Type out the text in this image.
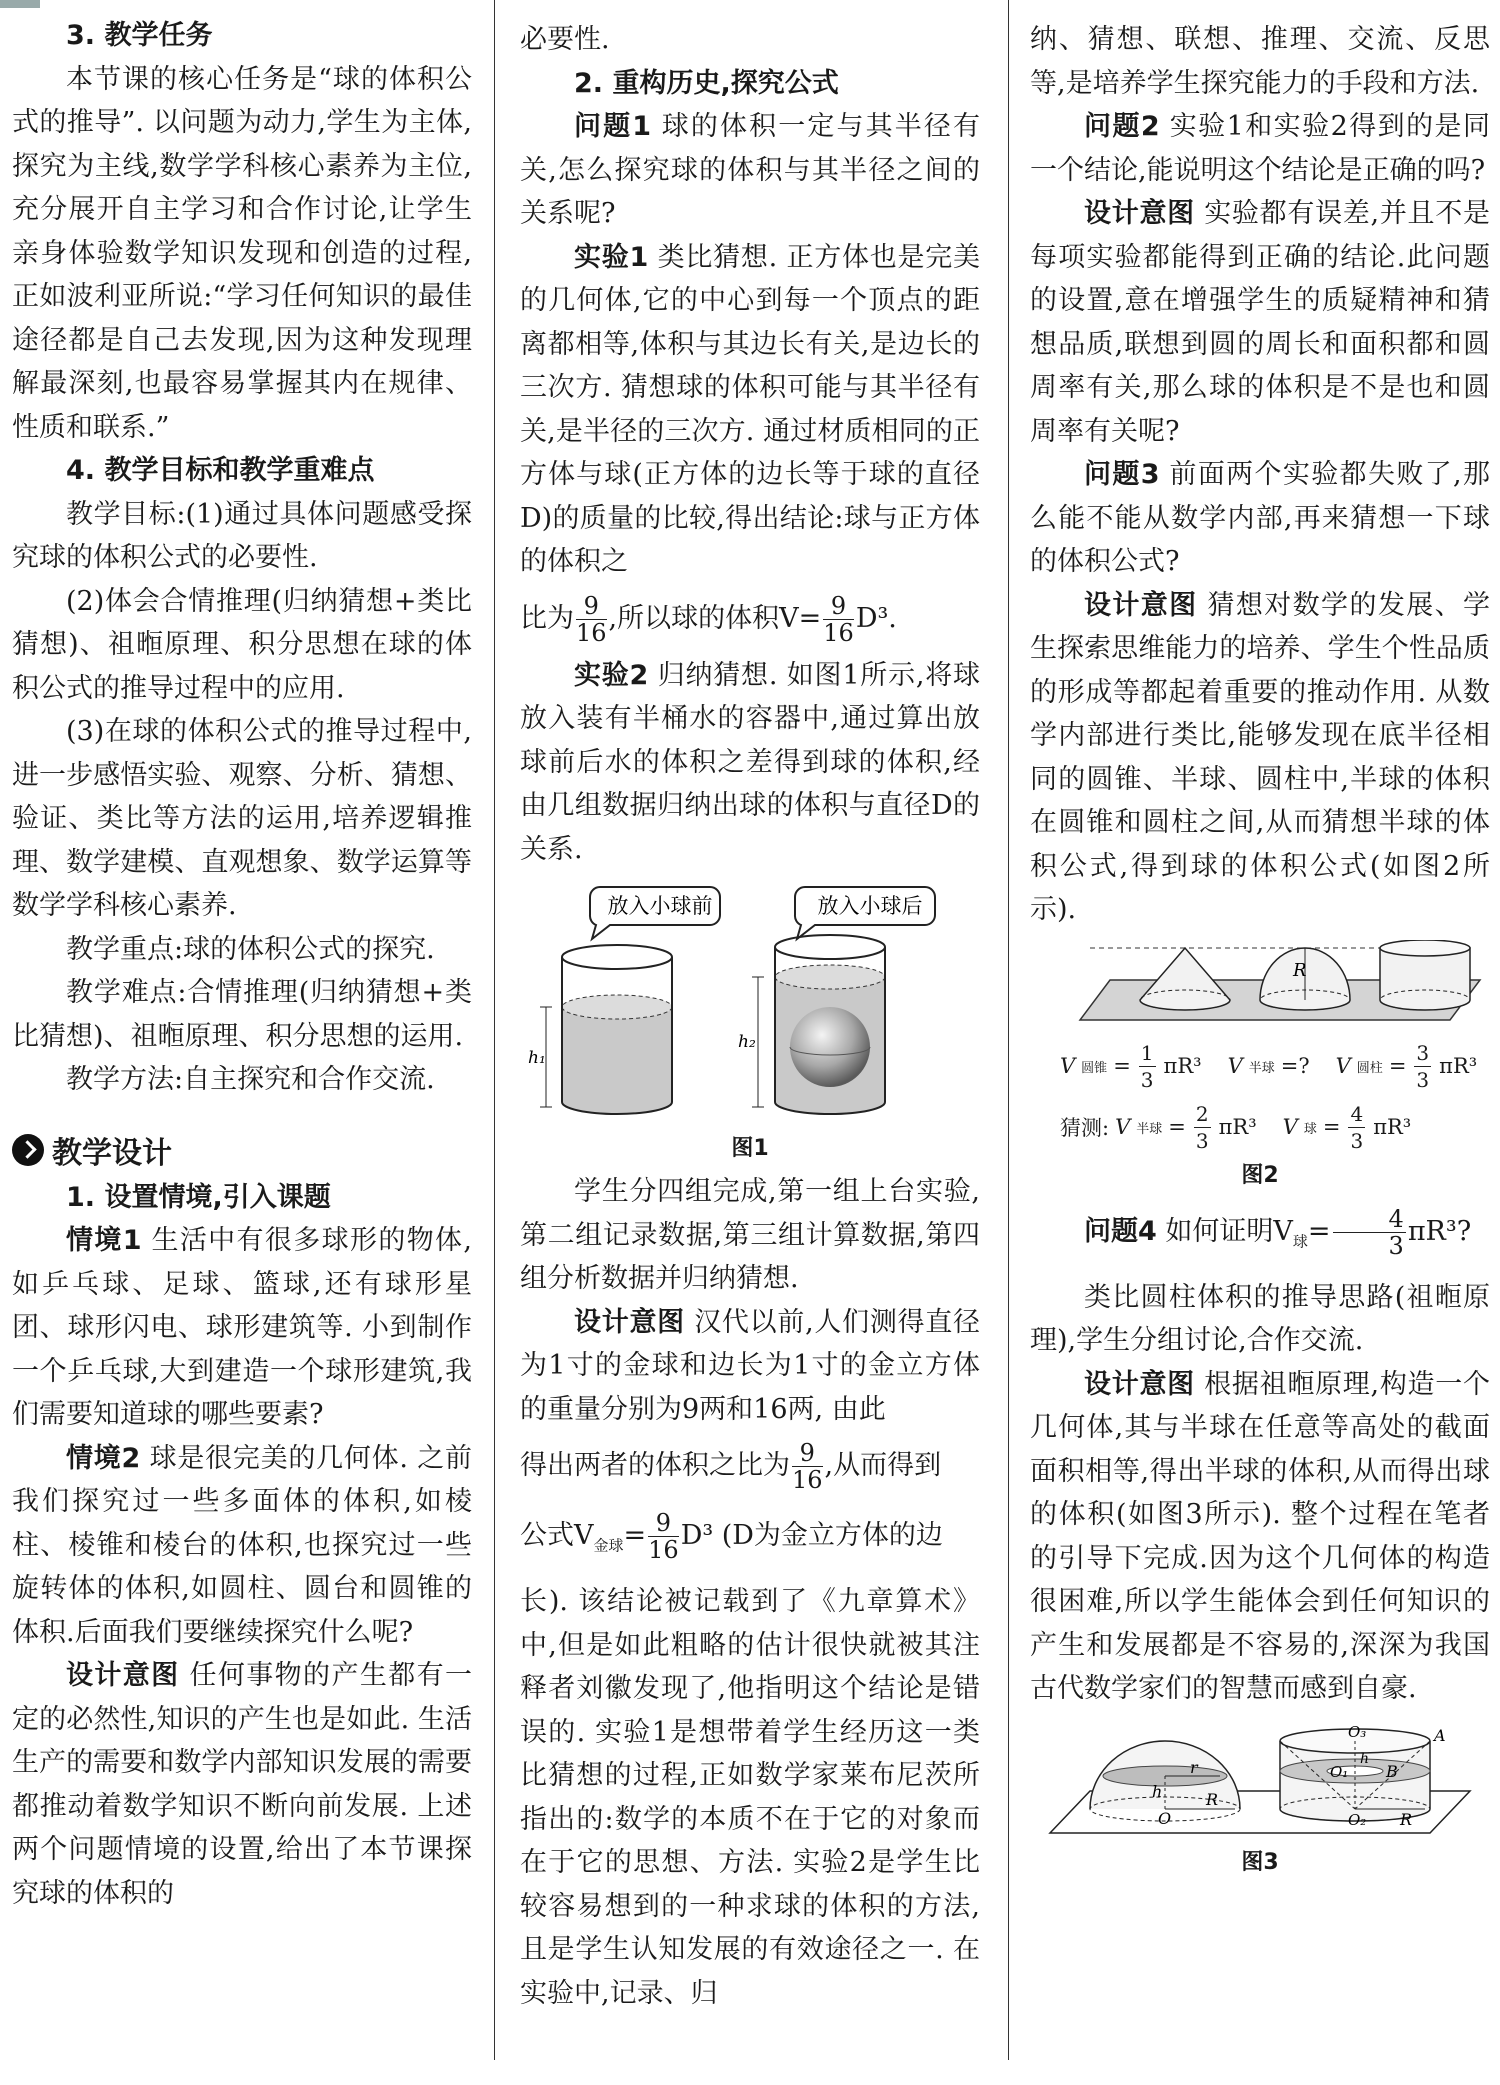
3. 教学任务

本节课的核心任务是“球的体积公式的推导”. 以问题为动力,学生为主体,探究为主线,数学学科核心素养为主位,充分展开自主学习和合作讨论,让学生亲身体验数学知识发现和创造的过程,正如波利亚所说:“学习任何知识的最佳途径都是自己去发现,因为这种发现理解最深刻,也最容易掌握其内在规律、性质和联系.”

4. 教学目标和教学重难点

教学目标:(1)通过具体问题感受探究球的体积公式的必要性.

(2)体会合情推理(归纳猜想+类比猜想)、祖暅原理、积分思想在球的体积公式的推导过程中的应用.

(3)在球的体积公式的推导过程中,进一步感悟实验、观察、分析、猜想、验证、类比等方法的运用,培养逻辑推理、数学建模、直观想象、数学运算等数学学科核心素养.

教学重点:球的体积公式的探究.

教学难点:合情推理(归纳猜想+类比猜想)、祖暅原理、积分思想的运用.

教学方法:自主探究和合作交流.

教学设计

1. 设置情境,引入课题

情境1 生活中有很多球形的物体,如乒乓球、足球、篮球,还有球形星团、球形闪电、球形建筑等. 小到制作一个乒乓球,大到建造一个球形建筑,我们需要知道球的哪些要素?

情境2 球是很完美的几何体. 之前我们探究过一些多面体的体积,如棱柱、棱锥和棱台的体积,也探究过一些旋转体的体积,如圆柱、圆台和圆锥的体积.后面我们要继续探究什么呢?

设计意图 任何事物的产生都有一定的必然性,知识的产生也是如此. 生活生产的需要和数学内部知识发展的需要都推动着数学知识不断向前发展. 上述两个问题情境的设置,给出了本节课探究球的体积的

必要性.

2. 重构历史,探究公式

问题1 球的体积一定与其半径有关,怎么探究球的体积与其半径之间的关系呢?

实验1 类比猜想. 正方体也是完美的几何体,它的中心到每一个顶点的距离都相等,体积与其边长有关,是边长的三次方. 猜想球的体积可能与其半径有关,是半径的三次方. 通过材质相同的正方体与球(正方体的边长等于球的直径D)的质量的比较,得出结论:球与正方体的体积之

比为 $\frac{9}{16}$ ,所以球的体积$V= \frac{9}{16} D^3$.

实验2 归纳猜想. 如图1所示,将球放入装有半桶水的容器中,通过算出放球前后水的体积之差得到球的体积,经由几组数据归纳出球的体积与直径D的关系.

放入小球前	放入小球后
h₁
h₂
图1

学生分四组完成,第一组上台实验,第二组记录数据,第三组计算数据,第四组分析数据并归纳猜想.

设计意图 汉代以前,人们测得直径为1寸的金球和边长为1寸的金立方体的重量分别为9两和16两, 由此

得出两者的体积之比为 $\frac{9}{16}$ ,从而得到

公式$V_{金球}= \frac{9}{16} D^3$ (D为金立方体的边

长). 该结论被记载到了《九章算术》中,但是如此粗略的估计很快就被其注释者刘徽发现了,他指明这个结论是错误的. 实验1是想带着学生经历这一类比猜想的过程,正如数学家莱布尼茨所指出的:数学的本质不在于它的对象而在于它的思想、方法. 实验2是学生比较容易想到的一种求球的体积的方法,且是学生认知发展的有效途径之一. 在实验中,记录、归

纳、猜想、联想、推理、交流、反思等,是培养学生探究能力的手段和方法.

问题2 实验1和实验2得到的是同一个结论,能说明这个结论是正确的吗?

设计意图 实验都有误差,并且不是每项实验都能得到正确的结论.此问题的设置,意在增强学生的质疑精神和猜想品质,联想到圆的周长和面积都和圆周率有关,那么球的体积是不是也和圆周率有关呢?

问题3 前面两个实验都失败了,那么能不能从数学内部,再来猜想一下球的体积公式?

设计意图 猜想对数学的发展、学生探索思维能力的培养、学生个性品质的形成等都起着重要的推动作用. 从数学内部进行类比,能够发现在底半径相同的圆锥、半球、圆柱中,半球的体积在圆锥和圆柱之间,从而猜想半球的体积公式,得到球的体积公式(如图2所示).

R
V 圆锥 = $\frac{1}{3} \pi R^3$ V 半球 =? V 圆柱 = $\frac{3}{3} \pi R^3$
猜测: V 半球 = $\frac{2}{3} \pi R^3$ V 球 = $\frac{4}{3} \pi R^3$
图2

问题4 如何证明$V_球= \frac{4}{3} \pi R^3$?

类比圆柱体积的推导思路(祖暅原理),学生分组讨论,合作交流.

设计意图 根据祖暅原理,构造一个几何体,其与半球在任意等高处的截面面积相等,得出半球的体积,从而得出球的体积(如图3所示). 整个过程在笔者的引导下完成.因为这个几何体的构造很困难,所以学生能体会到任何知识的产生和发展都是不容易的,深深为我国古代数学家们的智慧而感到自豪.

O
r
h	R
O₃
O₁
h
A
B
O₂ R
图3
